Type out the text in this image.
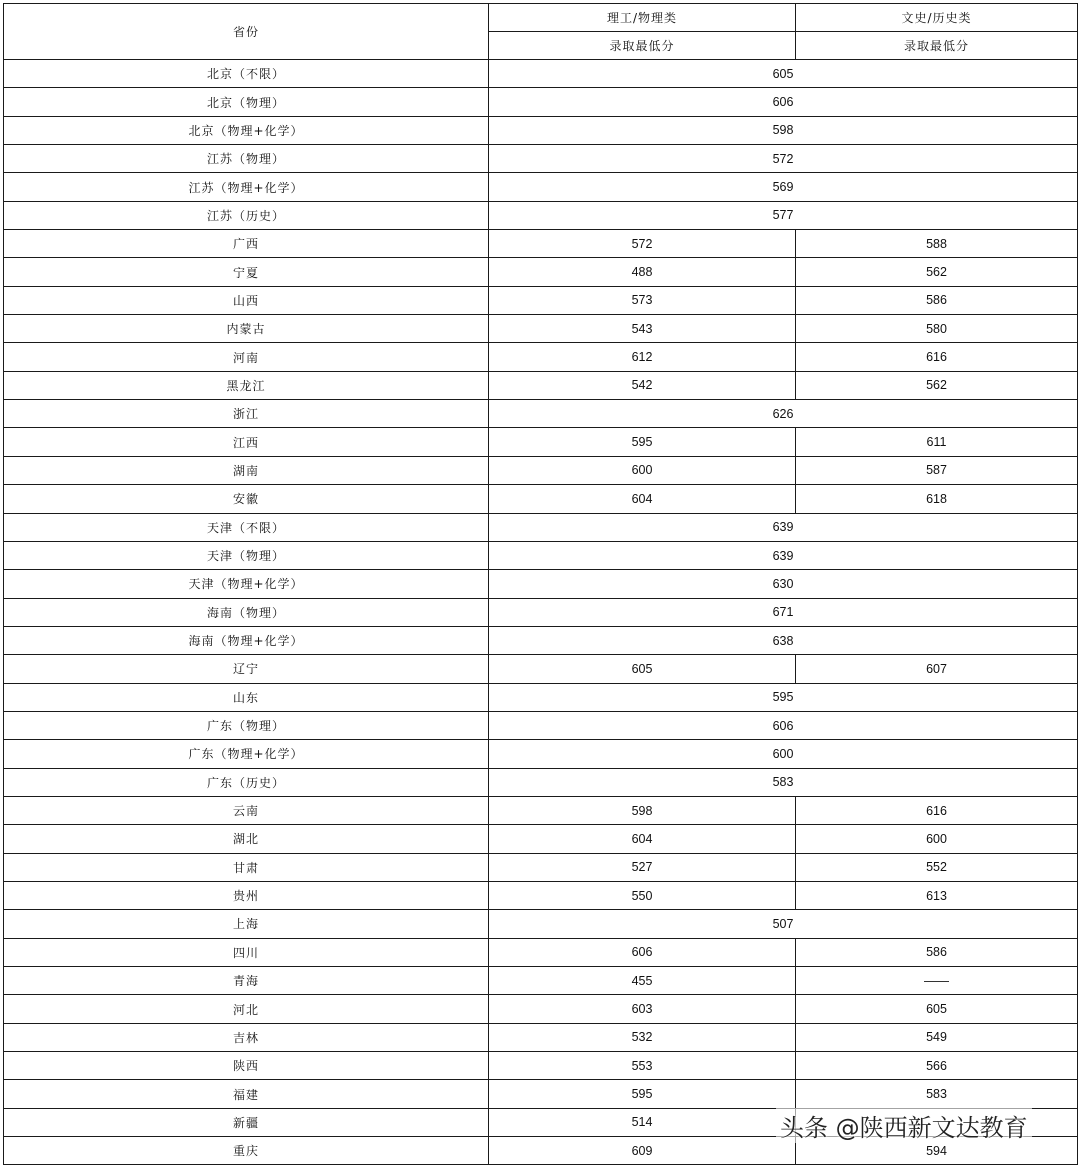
省份	理工/物理类	文史/历史类
	录取最低分	录取最低分
北京（不限）	605	
北京（物理）	606	
北京（物理+化学）	598	
江苏（物理）	572	
江苏（物理+化学）	569	
江苏（历史）	577	
广西	572	588
宁夏	488	562
山西	573	586
内蒙古	543	580
河南	612	616
黑龙江	542	562
浙江	626	
江西	595	611
湖南	600	587
安徽	604	618
天津（不限）	639	
天津（物理）	639	
天津（物理+化学）	630	
海南（物理）	671	
海南（物理+化学）	638	
辽宁	605	607
山东	595	
广东（物理）	606	
广东（物理+化学）	600	
广东（历史）	583	
云南	598	616
湖北	604	600
甘肃	527	552
贵州	550	613
上海	507	
四川	606	586
青海	455	——
河北	603	605
吉林	532	549
陕西	553	566
福建	595	583
新疆	514	
重庆	609	594
头条 @陕西新文达教育
